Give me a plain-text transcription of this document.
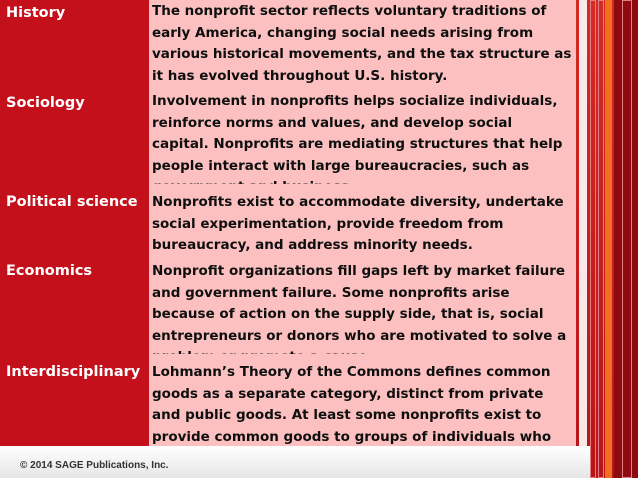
History	The nonprofit sector reflects voluntary traditions of early America, changing social needs arising from various historical movements, and the tax structure as it has evolved throughout U.S. history.
Sociology	Involvement in nonprofits helps socialize individuals, reinforce norms and values, and develop social capital. Nonprofits are mediating structures that help people interact with large bureaucracies, such as
Political science	Nonprofits exist to accommodate diversity, undertake social experimentation, provide freedom from bureaucracy, and address minority needs.
Economics	Nonprofit organizations fill gaps left by market failure and government failure. Some nonprofits arise because of action on the supply side, that is, social entrepreneurs or donors who are motivated to solve a
Interdisciplinary Lohmann’s Theory of the Commons defines common goods as a separate category, distinct from private and public goods. At least some nonprofits exist to provide common goods to groups of individuals who
© 2014 SAGE Publications, Inc.
